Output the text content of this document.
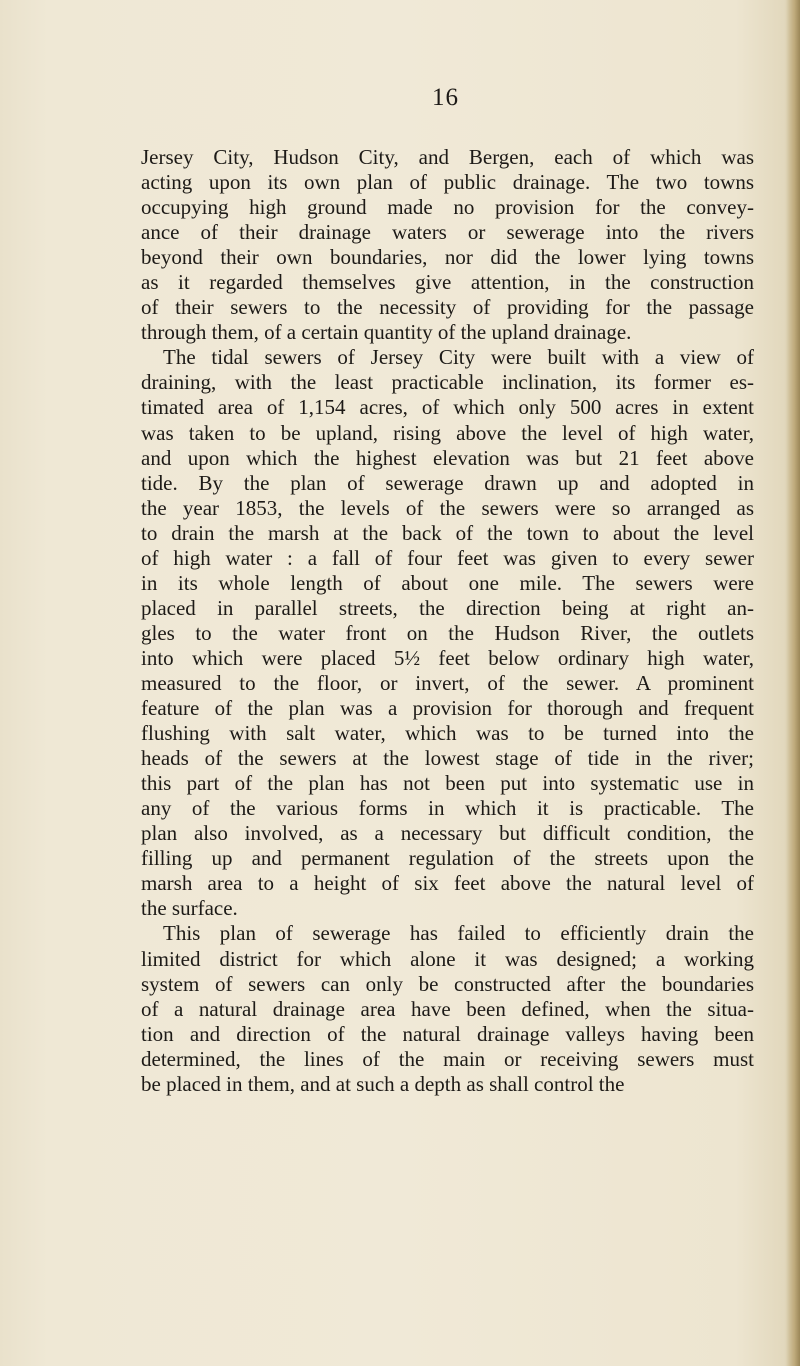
16
Jersey City, Hudson City, and Bergen, each of which was
acting upon its own plan of public drainage. The two towns
occupying high ground made no provision for the convey-
ance of their drainage waters or sewerage into the rivers
beyond their own boundaries, nor did the lower lying towns
as it regarded themselves give attention, in the construction
of their sewers to the necessity of providing for the passage
through them, of a certain quantity of the upland drainage.
The tidal sewers of Jersey City were built with a view of
draining, with the least practicable inclination, its former es-
timated area of 1,154 acres, of which only 500 acres in extent
was taken to be upland, rising above the level of high water,
and upon which the highest elevation was but 21 feet above
tide. By the plan of sewerage drawn up and adopted in
the year 1853, the levels of the sewers were so arranged as
to drain the marsh at the back of the town to about the level
of high water : a fall of four feet was given to every sewer
in its whole length of about one mile. The sewers were
placed in parallel streets, the direction being at right an-
gles to the water front on the Hudson River, the outlets
into which were placed 5½ feet below ordinary high water,
measured to the floor, or invert, of the sewer. A prominent
feature of the plan was a provision for thorough and frequent
flushing with salt water, which was to be turned into the
heads of the sewers at the lowest stage of tide in the river;
this part of the plan has not been put into systematic use in
any of the various forms in which it is practicable. The
plan also involved, as a necessary but difficult condition, the
filling up and permanent regulation of the streets upon the
marsh area to a height of six feet above the natural level of
the surface.
This plan of sewerage has failed to efficiently drain the
limited district for which alone it was designed; a working
system of sewers can only be constructed after the boundaries
of a natural drainage area have been defined, when the situa-
tion and direction of the natural drainage valleys having been
determined, the lines of the main or receiving sewers must
be placed in them, and at such a depth as shall control the
